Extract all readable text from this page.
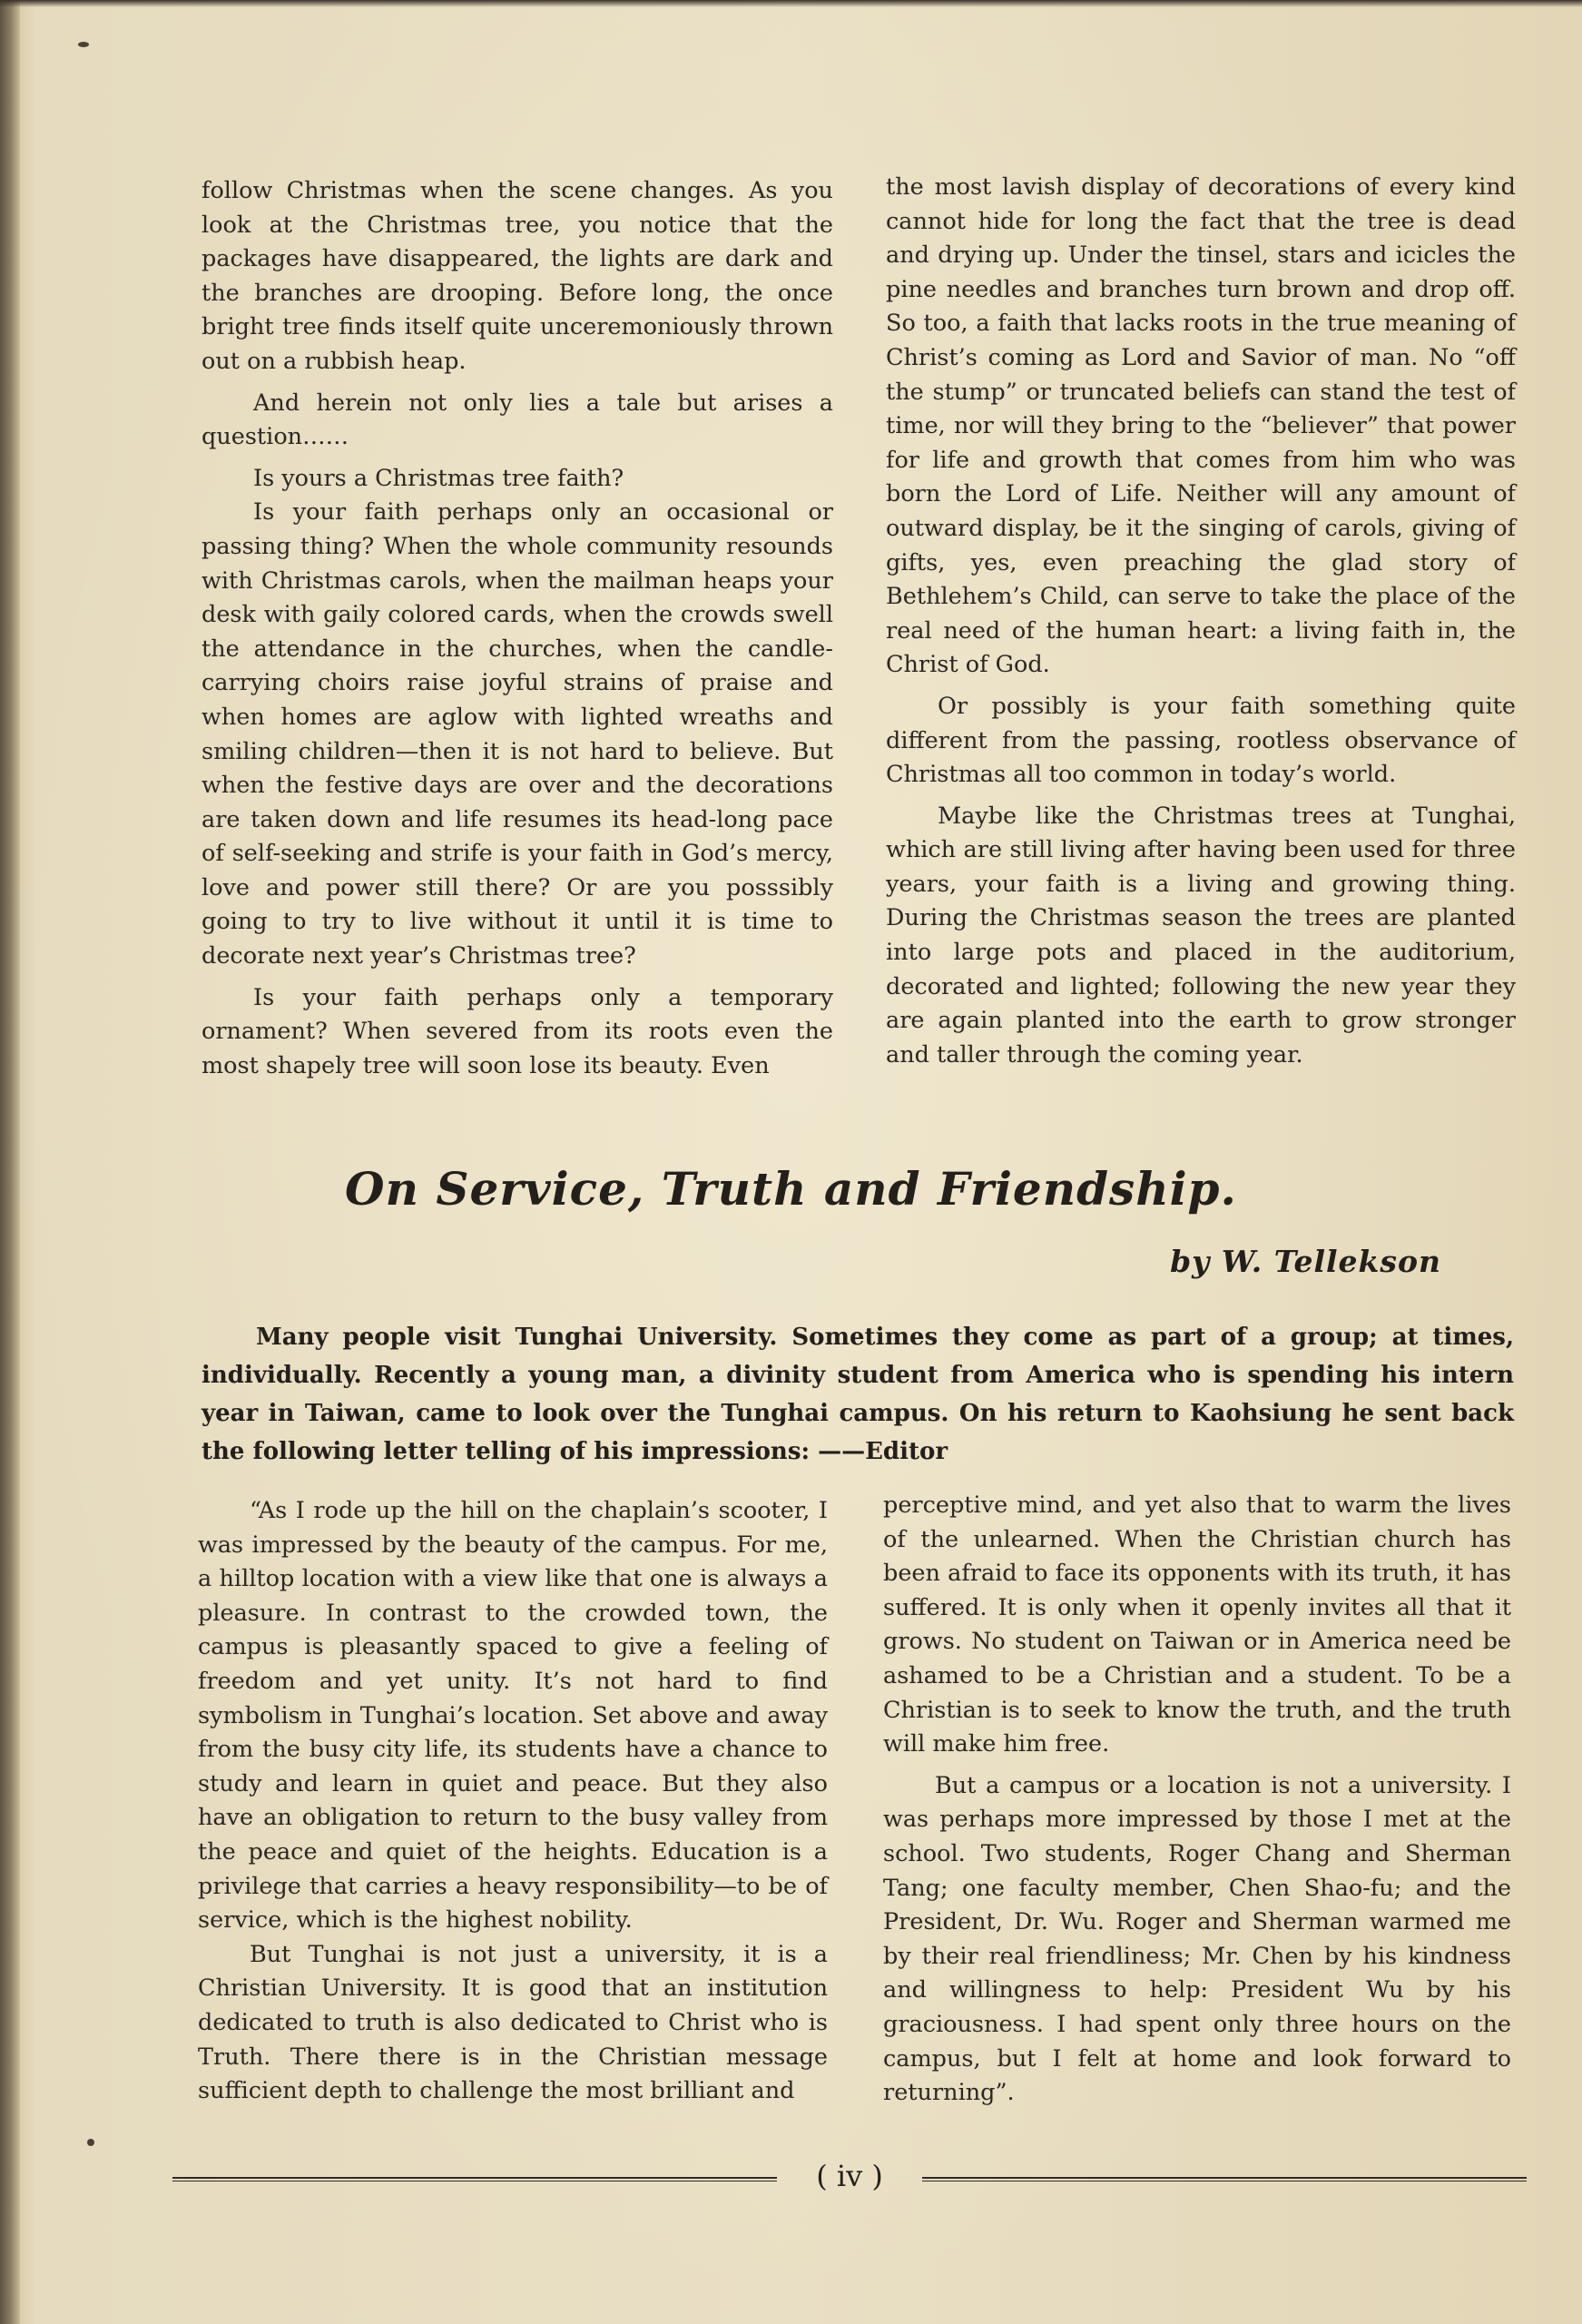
follow Christmas when the scene changes. As you look at the Christmas tree, you notice that the packages have disappeared, the lights are dark and the branches are drooping. Before long, the once bright tree finds itself quite unceremoniously thrown out on a rubbish heap.

And herein not only lies a tale but arises a question……

Is yours a Christmas tree faith?

Is your faith perhaps only an occasional or passing thing? When the whole community resounds with Christmas carols, when the mailman heaps your desk with gaily colored cards, when the crowds swell the attendance in the churches, when the candle-carrying choirs raise joyful strains of praise and when homes are aglow with lighted wreaths and smiling children—then it is not hard to believe. But when the festive days are over and the decorations are taken down and life resumes its head-long pace of self-seeking and strife is your faith in God’s mercy, love and power still there? Or are you posssibly going to try to live without it until it is time to decorate next year’s Christmas tree?

Is your faith perhaps only a temporary ornament? When severed from its roots even the most shapely tree will soon lose its beauty. Even

the most lavish display of decorations of every kind cannot hide for long the fact that the tree is dead and drying up. Under the tinsel, stars and icicles the pine needles and branches turn brown and drop off. So too, a faith that lacks roots in the true meaning of Christ’s coming as Lord and Savior of man. No “off the stump” or truncated beliefs can stand the test of time, nor will they bring to the “believer” that power for life and growth that comes from him who was born the Lord of Life. Neither will any amount of outward display, be it the singing of carols, giving of gifts, yes, even preaching the glad story of Bethlehem’s Child, can serve to take the place of the real need of the human heart: a living faith in, the Christ of God.

Or possibly is your faith something quite different from the passing, rootless observance of Christmas all too common in today’s world.

Maybe like the Christmas trees at Tunghai, which are still living after having been used for three years, your faith is a living and growing thing. During the Christmas season the trees are planted into large pots and placed in the auditorium, decorated and lighted; following the new year they are again planted into the earth to grow stronger and taller through the coming year.

On Service, Truth and Friendship.
by W. Tellekson

Many people visit Tunghai University. Sometimes they come as part of a group; at times, individually. Recently a young man, a divinity student from America who is spending his intern year in Taiwan, came to look over the Tunghai campus. On his return to Kaohsiung he sent back the following letter telling of his impressions: ——Editor

“As I rode up the hill on the chaplain’s scooter, I was impressed by the beauty of the campus. For me, a hilltop location with a view like that one is always a pleasure. In contrast to the crowded town, the campus is pleasantly spaced to give a feeling of freedom and yet unity. It’s not hard to find symbolism in Tunghai’s location. Set above and away from the busy city life, its students have a chance to study and learn in quiet and peace. But they also have an obligation to return to the busy valley from the peace and quiet of the heights. Education is a privilege that carries a heavy responsibility—to be of service, which is the highest nobility.

But Tunghai is not just a university, it is a Christian University. It is good that an institution dedicated to truth is also dedicated to Christ who is Truth. There there is in the Christian message sufficient depth to challenge the most brilliant and

perceptive mind, and yet also that to warm the lives of the unlearned. When the Christian church has been afraid to face its opponents with its truth, it has suffered. It is only when it openly invites all that it grows. No student on Taiwan or in America need be ashamed to be a Christian and a student. To be a Christian is to seek to know the truth, and the truth will make him free.

But a campus or a location is not a university. I was perhaps more impressed by those I met at the school. Two students, Roger Chang and Sherman Tang; one faculty member, Chen Shao-fu; and the President, Dr. Wu. Roger and Sherman warmed me by their real friendliness; Mr. Chen by his kindness and willingness to help: President Wu by his graciousness. I had spent only three hours on the campus, but I felt at home and look forward to returning”.

( iv )
